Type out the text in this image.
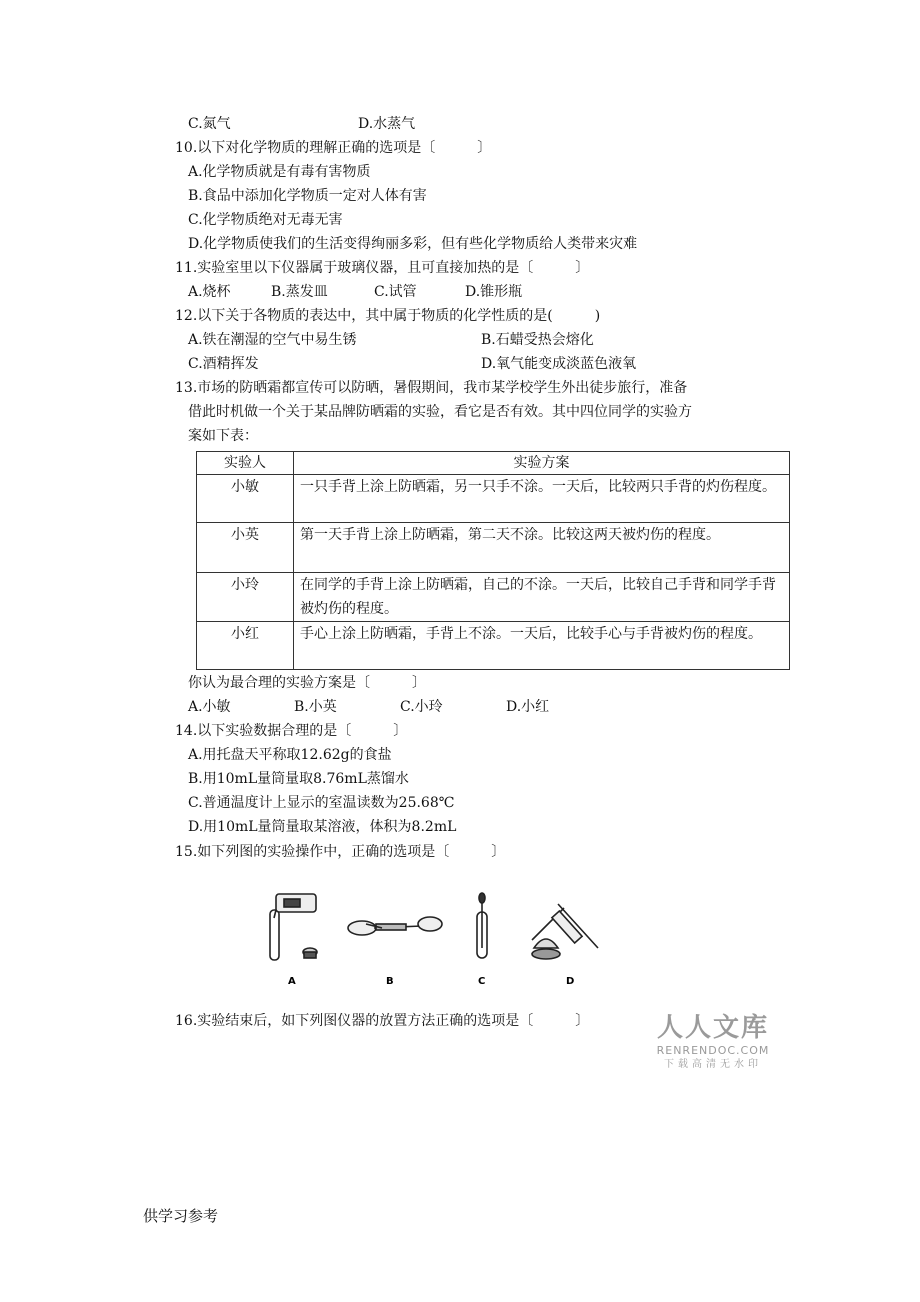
C.氮气	D.水蒸气
10.以下对化学物质的理解正确的选项是〔　　　〕
A.化学物质就是有毒有害物质
B.食品中添加化学物质一定对人体有害
C.化学物质绝对无毒无害
D.化学物质使我们的生活变得绚丽多彩，但有些化学物质给人类带来灾难
11.实验室里以下仪器属于玻璃仪器，且可直接加热的是〔　　　〕
A.烧杯	B.蒸发皿	C.试管	D.锥形瓶
12.以下关于各物质的表达中，其中属于物质的化学性质的是(　　　)
A.铁在潮湿的空气中易生锈	B.石蜡受热会熔化
C.酒精挥发	D.氧气能变成淡蓝色液氧
13.市场的防晒霜都宣传可以防晒，暑假期间，我市某学校学生外出徒步旅行，准备
借此时机做一个关于某品牌防晒霜的实验，看它是否有效。其中四位同学的实验方
案如下表：
实验人	实验方案
小敏	一只手背上涂上防晒霜，另一只手不涂。一天后，比较两只手背的灼伤程度。
小英	第一天手背上涂上防晒霜，第二天不涂。比较这两天被灼伤的程度。
小玲	在同学的手背上涂上防晒霜，自己的不涂。一天后，比较自己手背和同学手背被灼伤的程度。
小红	手心上涂上防晒霜，手背上不涂。一天后，比较手心与手背被灼伤的程度。
你认为最合理的实验方案是〔　　　〕
A.小敏	B.小英	C.小玲	D.小红
14.以下实验数据合理的是〔　　　〕
A.用托盘天平称取12.62g的食盐
B.用10mL量筒量取8.76mL蒸馏水
C.普通温度计上显示的室温读数为25.68℃
D.用10mL量筒量取某溶液，体积为8.2mL
15.如下列图的实验操作中，正确的选项是〔　　　〕
A	B	C	D
16.实验结束后，如下列图仪器的放置方法正确的选项是〔　　　〕	人人文库
RENRENDOC.COM
下载高清无水印
供学习参考
